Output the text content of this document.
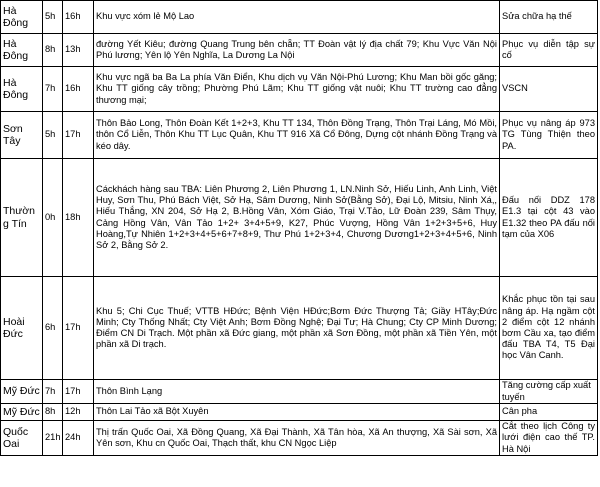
Hà Đông	5h	16h	Khu vực xóm lẻ Mộ Lao	Sửa chữa hạ thế
Hà Đông	8h	13h	đường Yết Kiêu; đường Quang Trung bên chẵn; TT Đoàn vật lý địa chất 79; Khu Vực Văn Nội Phú lương; Yên lộ Yên Nghĩa, La Dương La Nội	Phục vụ diễn tập sự cố
Hà Đông	7h	16h	Khu vực ngã ba Ba La phía Văn Điển, Khu dịch vụ Văn Nội-Phú Lương; Khu Man bồi gốc găng; Khu TT giống cây trồng; Phường Phú Lãm; Khu TT giống vật nuôi; Khu TT trường cao đẳng thương mại;	VSCN
Sơn Tây	5h	17h	Thôn Bảo Long, Thôn Đoàn Kết 1+2+3, Khu TT 134, Thôn Đồng Trạng, Thôn Trại Láng, Mó Mồi, thôn Cổ Liễn, Thôn Khu TT Lục Quân, Khu TT 916 Xã Cổ Đông, Dựng cột nhánh Đồng Trạng và kéo dây.	Phục vụ nâng áp 973 TG Tùng Thiện theo PA.
Thường Tín	0h	18h	Cáckhách hàng sau TBA: Liên Phương 2, Liên Phương 1, LN.Ninh Sở, Hiếu Linh, Anh Linh, Việt Huy, Sơn Thu, Phú Bách Việt, Sở Hạ, Sâm Dương, Ninh Sở(Bằng Sở), Đại Lộ, Mitsiu, Ninh Xá,, Hiếu Thắng, XN 204, Sở Hạ 2, B.Hồng Vân, Xóm Giáo, Trại V.Tảo, Lữ Đoàn 239, Sâm Thụy, Cảng Hồng Vân, Vân Tảo 1+2+ 3+4+5+9, K27, Phúc Vượng, Hồng Vân 1+2+3+5+6, Huy Hoàng,Tự Nhiên 1+2+3+4+5+6+7+8+9, Thư Phú 1+2+3+4, Chương Dương1+2+3+4+5+6, Ninh Sở 2, Bằng Sở 2.	Đấu nối DDZ 178 E1.3 tại cột 43 vào E1.32 theo PA đấu nối tạm của X06
Hoài Đức	6h	17h	Khu 5; Chi Cục Thuế; VTTB HĐức; Bệnh Viện HĐức;Bơm Đức Thượng Tả; Giầy HTây;Đức Minh; Cty Thống Nhất; Cty Việt Anh; Bơm Đồng Nghệ; Đại Tư; Hà Chung; Cty CP Minh Dương; Điểm CN Di Trạch. Một phần xã Đức giang, một phần xã Sơn Đồng, một phần xã Tiền Yên, một phần xã Di trạch.	Khắc phục tồn tại sau nâng áp. Hạ ngầm cột 2 điểm cột 12 nhánh bơm Cầu xa, tạo điểm đấu TBA T4, T5 Đại học Vân Canh.
Mỹ Đức	7h	17h	Thôn Bình Lạng	Tăng cường cấp xuất tuyến
Mỹ Đức	8h	12h	Thôn Lai Tảo xã Bột Xuyên	Cân pha
Quốc Oai	21h	24h	Thị trấn Quốc Oai, Xã Đồng Quang, Xã Đại Thành, Xã Tân hòa, Xã An thượng, Xã Sài sơn, Xã Yên sơn, Khu cn Quốc Oai, Thạch thất, khu CN Ngọc Liệp	Cắt theo lịch Công ty lưới điện cao thế TP. Hà Nội
